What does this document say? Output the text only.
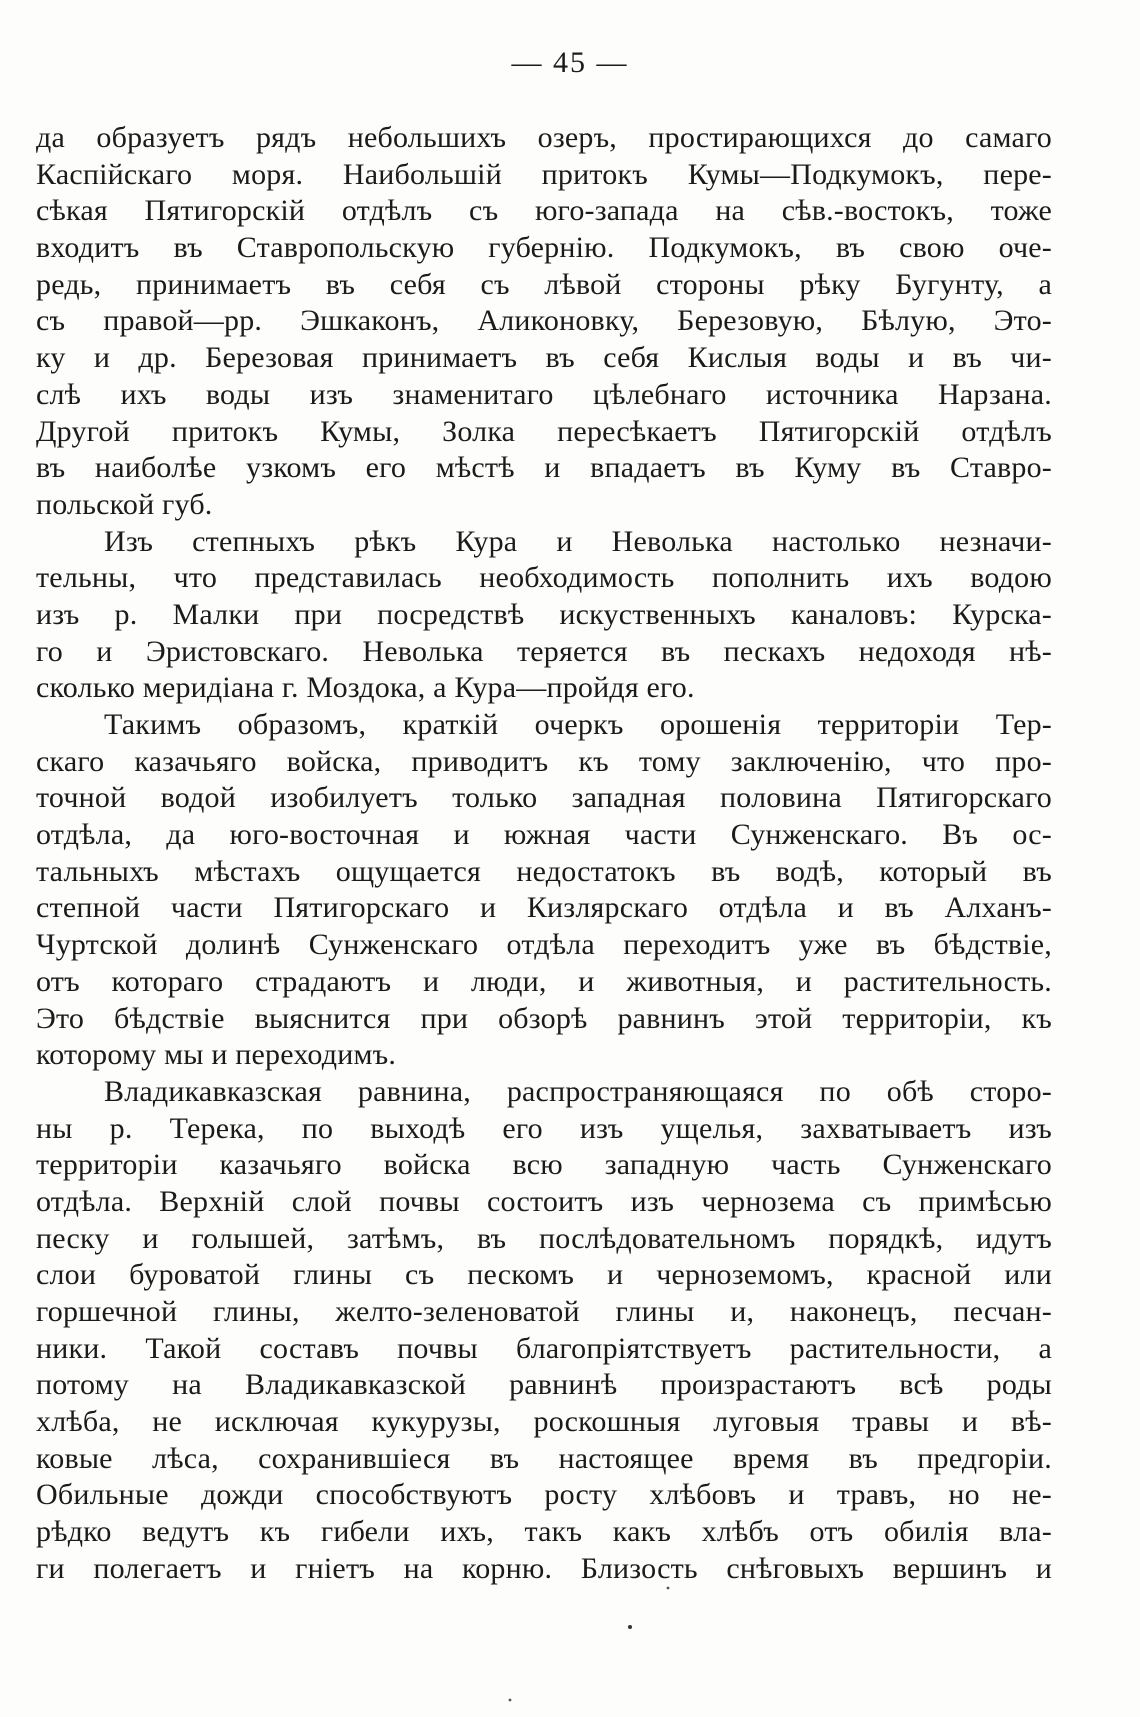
— 45 —

да образуетъ рядъ небольшихъ озеръ, простирающихся до самаго
Каспійскаго моря. Наибольшій притокъ Кумы—Подкумокъ, пере-
сѣкая Пятигорскій отдѣлъ съ юго-запада на сѣв.-востокъ, тоже
входитъ въ Ставропольскую губернію. Подкумокъ, въ свою оче-
редь, принимаетъ въ себя съ лѣвой стороны рѣку Бугунту, а
съ правой—рр. Эшкаконъ, Аликоновку, Березовую, Бѣлую, Это-
ку и др. Березовая принимаетъ въ себя Кислыя воды и въ чи-
слѣ ихъ воды изъ знаменитаго цѣлебнаго источника Нарзана.
Другой притокъ Кумы, Золка пересѣкаетъ Пятигорскій отдѣлъ
въ наиболѣе узкомъ его мѣстѣ и впадаетъ въ Куму въ Ставро-
польской губ.

Изъ степныхъ рѣкъ Кура и Неволька настолько незначи-
тельны, что представилась необходимость пополнить ихъ водою
изъ р. Малки при посредствѣ искуственныхъ каналовъ: Курска-
го и Эристовскаго. Неволька теряется въ пескахъ недоходя нѣ-
сколько меридіана г. Моздока, а Кура—пройдя его.

Такимъ образомъ, краткій очеркъ орошенія территоріи Тер-
скаго казачьяго войска, приводитъ къ тому заключенію, что про-
точной водой изобилуетъ только западная половина Пятигорскаго
отдѣла, да юго-восточная и южная части Сунженскаго. Въ ос-
тальныхъ мѣстахъ ощущается недостатокъ въ водѣ, который въ
степной части Пятигорскаго и Кизлярскаго отдѣла и въ Алханъ-
Чуртской долинѣ Сунженскаго отдѣла переходитъ уже въ бѣдствіе,
отъ котораго страдаютъ и люди, и животныя, и растительность.
Это бѣдствіе выяснится при обзорѣ равнинъ этой территоріи, къ
которому мы и переходимъ.

Владикавказская равнина, распространяющаяся по обѣ сторо-
ны р. Терека, по выходѣ его изъ ущелья, захватываетъ изъ
территоріи казачьяго войска всю западную часть Сунженскаго
отдѣла. Верхній слой почвы состоитъ изъ чернозема съ примѣсью
песку и голышей, затѣмъ, въ послѣдовательномъ порядкѣ, идутъ
слои буроватой глины съ пескомъ и черноземомъ, красной или
горшечной глины, желто-зеленоватой глины и, наконецъ, песчан-
ники. Такой составъ почвы благопріятствуетъ растительности, а
потому на Владикавказской равнинѣ произрастаютъ всѣ роды
хлѣба, не исключая кукурузы, роскошныя луговыя травы и вѣ-
ковые лѣса, сохранившіеся въ настоящее время въ предгоріи.
Обильные дожди способствуютъ росту хлѣбовъ и травъ, но не-
рѣдко ведутъ къ гибели ихъ, такъ какъ хлѣбъ отъ обилія вла-
ги полегаетъ и гніетъ на корню. Близость снѣговыхъ вершинъ и
